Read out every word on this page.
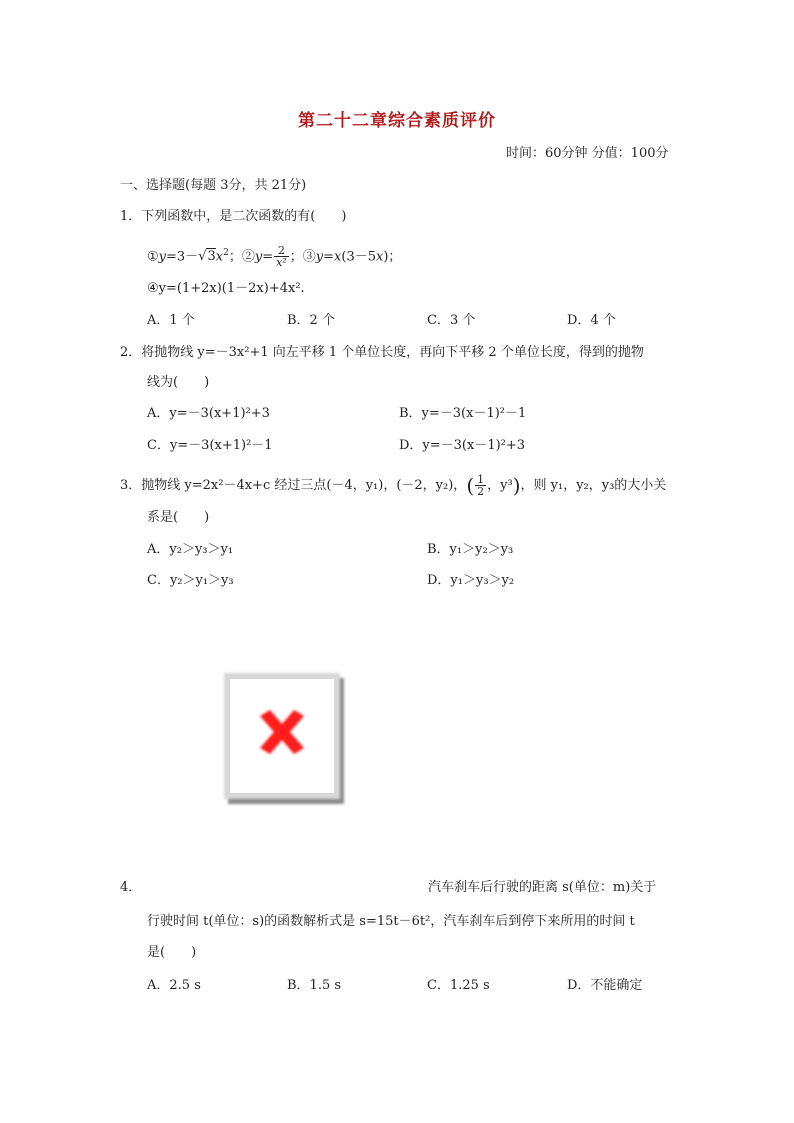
第二十二章综合素质评价
时间：60分钟 分值：100分
一、选择题(每题 3分，共 21分)
1．下列函数中，是二次函数的有(　　)
$①y=3-√3x^2$；②y= $\frac{2}{\text{x²}}$ ；③y=x(3－5x)；
④y=(1+2x)(1－2x)+4x².
A．1 个	B．2 个	C．3 个	D．4 个
2．将抛物线 y=－3x²+1 向左平移 1 个单位长度，再向下平移 2 个单位长度，得到的抛物
线为(　　)
A．y=－3(x+1)²+3	B．y=－3(x－1)²－1
C．y=－3(x+1)²－1	D．y=－3(x－1)²+3
3．抛物线 y=2x²－4x+c 经过三点(－4，y₁)，(－2，y₂)，( $\frac{1}{2}$ ，y³)，则 y₁，y₂，y₃的大小关
系是(　　)
A．y₂＞y₃＞y₁	B．y₁＞y₂＞y₃
C．y₂＞y₁＞y₃	D．y₁＞y₃＞y₂
4．	汽车刹车后行驶的距离 s(单位：m)关于
行驶时间 t(单位：s)的函数解析式是 s=15t－6t²，汽车刹车后到停下来所用的时间 t
是(　　)
A．2.5 s	B．1.5 s	C．1.25 s	D．不能确定
